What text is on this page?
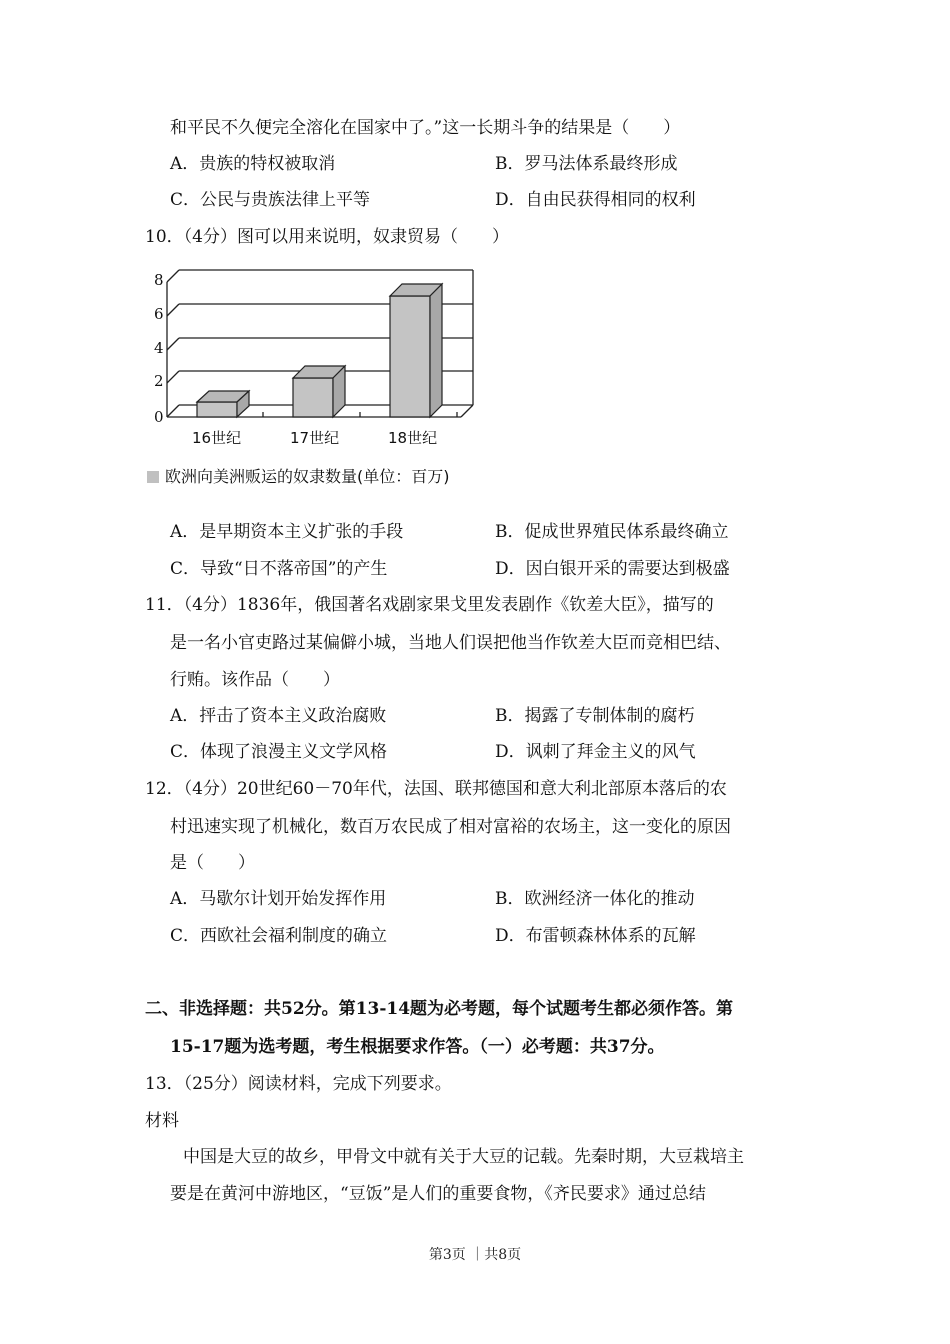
和平民不久便完全溶化在国家中了。”这一长期斗争的结果是（　　）
A．贵族的特权被取消	B．罗马法体系最终形成
C．公民与贵族法律上平等	D．自由民获得相同的权利
10．（4分）图可以用来说明，奴隶贸易（　　）
0
2
4
6
8
16世纪	17世纪	18世纪
欧洲向美洲贩运的奴隶数量(单位：百万)
A．是早期资本主义扩张的手段	B．促成世界殖民体系最终确立
C．导致“日不落帝国”的产生	D．因白银开采的需要达到极盛
11．（4分）1836年，俄国著名戏剧家果戈里发表剧作《钦差大臣》，描写的
是一名小官吏路过某偏僻小城，当地人们误把他当作钦差大臣而竞相巴结、
行贿。该作品（　　）
A．抨击了资本主义政治腐败	B．揭露了专制体制的腐朽
C．体现了浪漫主义文学风格	D．讽刺了拜金主义的风气
12．（4分）20世纪60－70年代，法国、联邦德国和意大利北部原本落后的农
村迅速实现了机械化，数百万农民成了相对富裕的农场主，这一变化的原因
是（　　）
A．马歇尔计划开始发挥作用	B．欧洲经济一体化的推动
C．西欧社会福利制度的确立	D．布雷顿森林体系的瓦解
二、非选择题：共52分。第13-14题为必考题，每个试题考生都必须作答。第
15-17题为选考题，考生根据要求作答。（一）必考题：共37分。
13．（25分）阅读材料，完成下列要求。
材料
中国是大豆的故乡，甲骨文中就有关于大豆的记载。先秦时期，大豆栽培主
要是在黄河中游地区，“豆饭”是人们的重要食物，《齐民要求》通过总结
第3页 ｜共8页
